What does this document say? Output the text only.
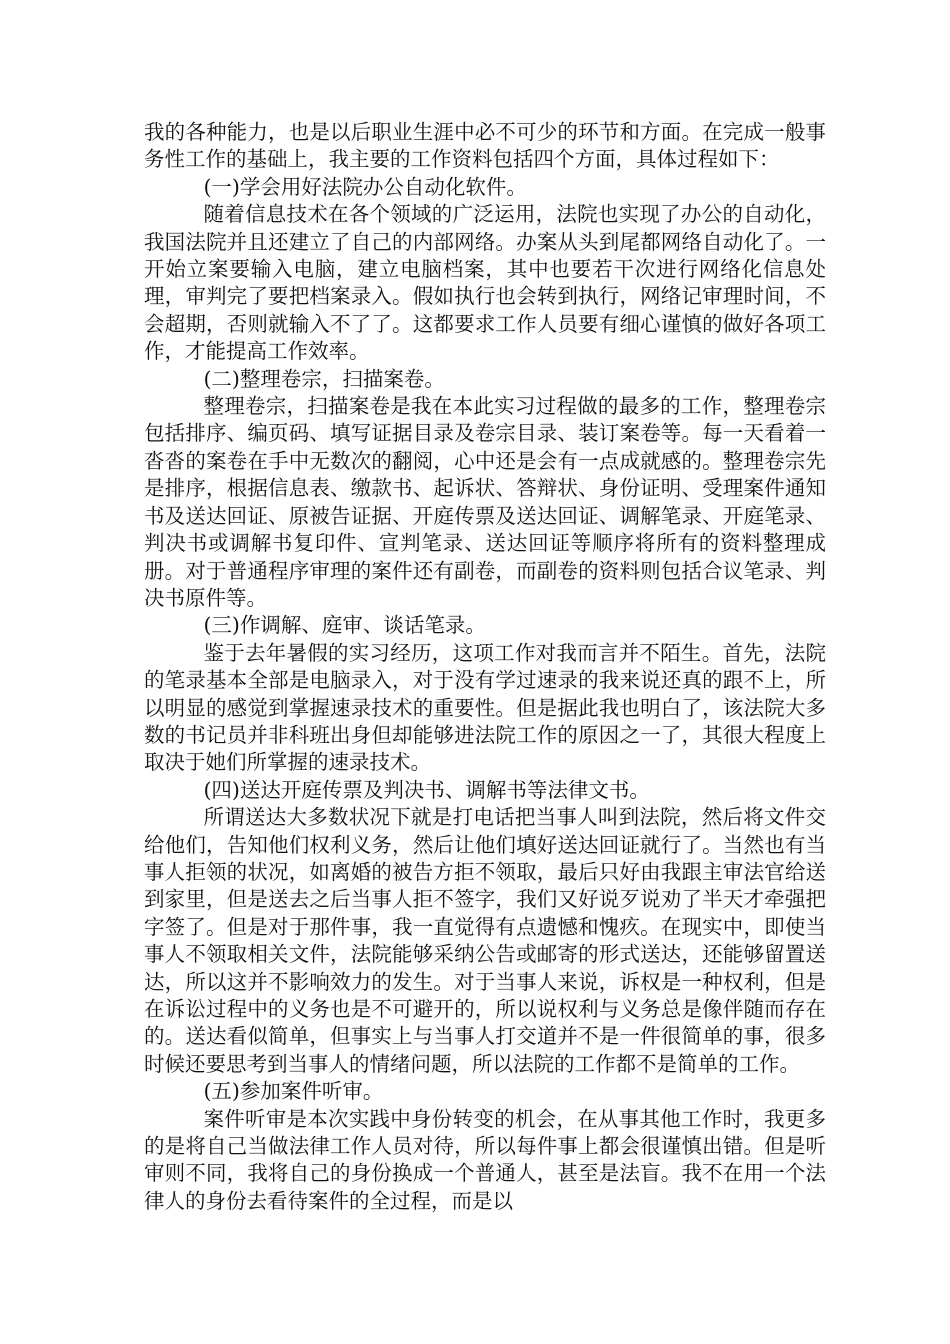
我的各种能力，也是以后职业生涯中必不可少的环节和方面。在完成一般事务性工作的基础上，我主要的工作资料包括四个方面，具体过程如下：

(一)学会用好法院办公自动化软件。

随着信息技术在各个领域的广泛运用，法院也实现了办公的自动化，我国法院并且还建立了自己的内部网络。办案从头到尾都网络自动化了。一开始立案要输入电脑，建立电脑档案，其中也要若干次进行网络化信息处理，审判完了要把档案录入。假如执行也会转到执行，网络记审理时间，不会超期，否则就输入不了了。这都要求工作人员要有细心谨慎的做好各项工作，才能提高工作效率。

(二)整理卷宗，扫描案卷。

整理卷宗，扫描案卷是我在本此实习过程做的最多的工作，整理卷宗包括排序、编页码、填写证据目录及卷宗目录、装订案卷等。每一天看着一沓沓的案卷在手中无数次的翻阅，心中还是会有一点成就感的。整理卷宗先是排序，根据信息表、缴款书、起诉状、答辩状、身份证明、受理案件通知书及送达回证、原被告证据、开庭传票及送达回证、调解笔录、开庭笔录、判决书或调解书复印件、宣判笔录、送达回证等顺序将所有的资料整理成册。对于普通程序审理的案件还有副卷，而副卷的资料则包括合议笔录、判决书原件等。

(三)作调解、庭审、谈话笔录。

鉴于去年暑假的实习经历，这项工作对我而言并不陌生。首先，法院的笔录基本全部是电脑录入，对于没有学过速录的我来说还真的跟不上，所以明显的感觉到掌握速录技术的重要性。但是据此我也明白了，该法院大多数的书记员并非科班出身但却能够进法院工作的原因之一了，其很大程度上取决于她们所掌握的速录技术。

(四)送达开庭传票及判决书、调解书等法律文书。

所谓送达大多数状况下就是打电话把当事人叫到法院，然后将文件交给他们，告知他们权利义务，然后让他们填好送达回证就行了。当然也有当事人拒领的状况，如离婚的被告方拒不领取，最后只好由我跟主审法官给送到家里，但是送去之后当事人拒不签字，我们又好说歹说劝了半天才牵强把字签了。但是对于那件事，我一直觉得有点遗憾和愧疚。在现实中，即使当事人不领取相关文件，法院能够采纳公告或邮寄的形式送达，还能够留置送达，所以这并不影响效力的发生。对于当事人来说，诉权是一种权利，但是在诉讼过程中的义务也是不可避开的，所以说权利与义务总是像伴随而存在的。送达看似简单，但事实上与当事人打交道并不是一件很简单的事，很多时候还要思考到当事人的情绪问题，所以法院的工作都不是简单的工作。

(五)参加案件听审。

案件听审是本次实践中身份转变的机会，在从事其他工作时，我更多的是将自己当做法律工作人员对待，所以每件事上都会很谨慎出错。但是听审则不同，我将自己的身份换成一个普通人，甚至是法盲。我不在用一个法律人的身份去看待案件的全过程，而是以
